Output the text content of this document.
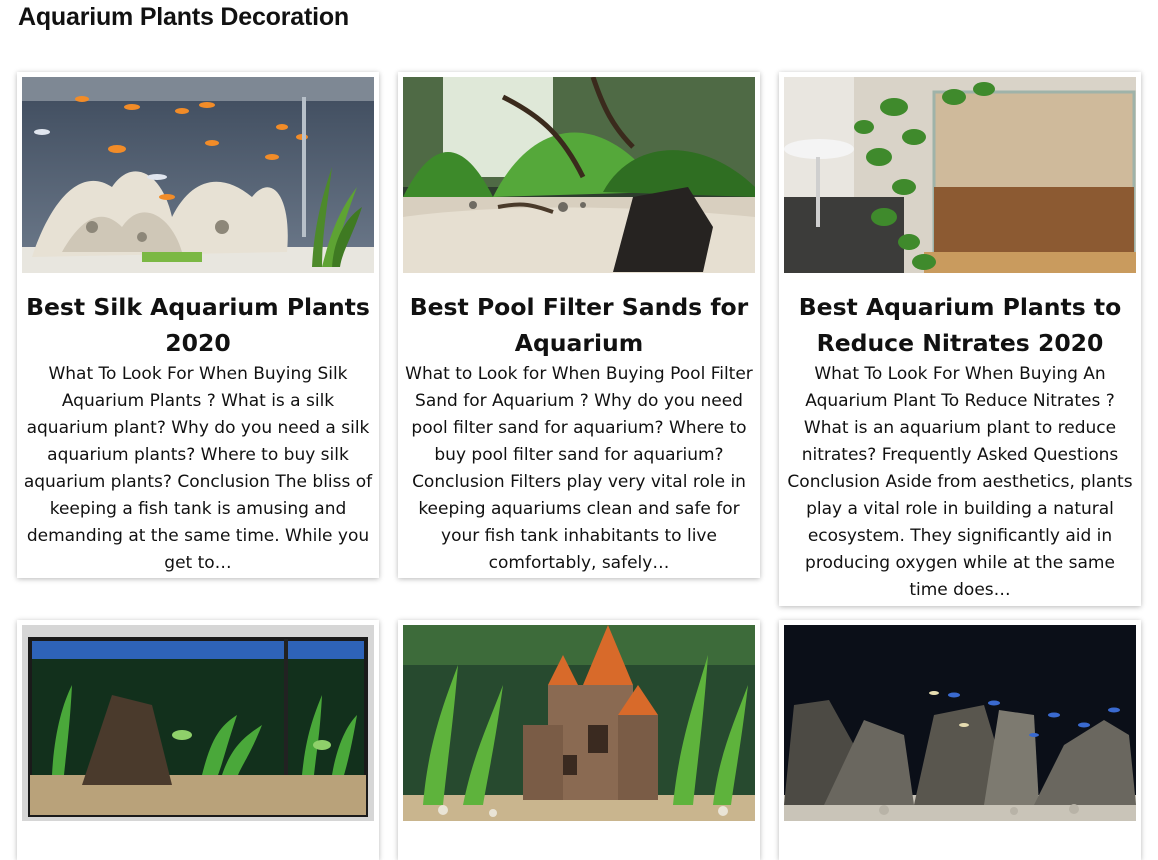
Aquarium Plants Decoration
Best Silk Aquarium Plants 2020
What To Look For When Buying Silk Aquarium Plants ? What is a silk aquarium plant? Why do you need a silk aquarium plants? Where to buy silk aquarium plants? Conclusion The bliss of keeping a fish tank is amusing and demanding at the same time. While you get to…
Best Pool Filter Sands for Aquarium
What to Look for When Buying Pool Filter Sand for Aquarium ? Why do you need pool filter sand for aquarium? Where to buy pool filter sand for aquarium? Conclusion Filters play very vital role in keeping aquariums clean and safe for your fish tank inhabitants to live comfortably, safely…
Best Aquarium Plants to Reduce Nitrates 2020
What To Look For When Buying An Aquarium Plant To Reduce Nitrates ? What is an aquarium plant to reduce nitrates? Frequently Asked Questions Conclusion Aside from aesthetics, plants play a vital role in building a natural ecosystem. They significantly aid in producing oxygen while at the same time does…
